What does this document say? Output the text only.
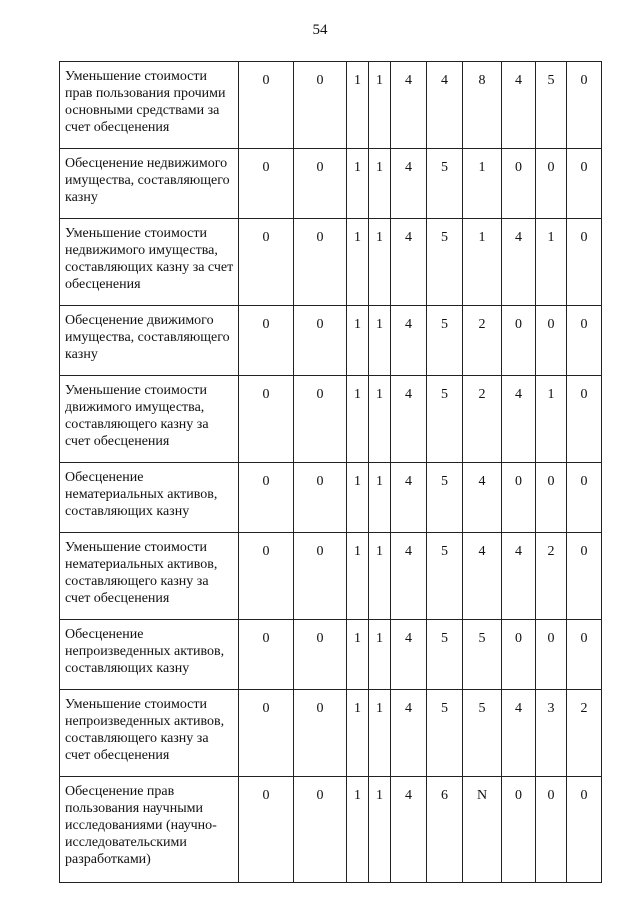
54
Уменьшение стоимости прав пользования прочими основными средствами за счет обесценения	0	0	1	1	4	4	8	4	5	0
Обесценение недвижимого имущества, составляющего казну	0	0	1	1	4	5	1	0	0	0
Уменьшение стоимости недвижимого имущества, составляющих казну за счет обесценения	0	0	1	1	4	5	1	4	1	0
Обесценение движимого имущества, составляющего казну	0	0	1	1	4	5	2	0	0	0
Уменьшение стоимости движимого имущества, составляющего казну за счет обесценения	0	0	1	1	4	5	2	4	1	0
Обесценение нематериальных активов, составляющих казну	0	0	1	1	4	5	4	0	0	0
Уменьшение стоимости нематериальных активов, составляющего казну за счет обесценения	0	0	1	1	4	5	4	4	2	0
Обесценение непроизведенных активов, составляющих казну	0	0	1	1	4	5	5	0	0	0
Уменьшение стоимости непроизведенных активов, составляющего казну за счет обесценения	0	0	1	1	4	5	5	4	3	2
Обесценение прав пользования научными исследованиями (научно-исследовательскими разработками)	0	0	1	1	4	6	N	0	0	0
